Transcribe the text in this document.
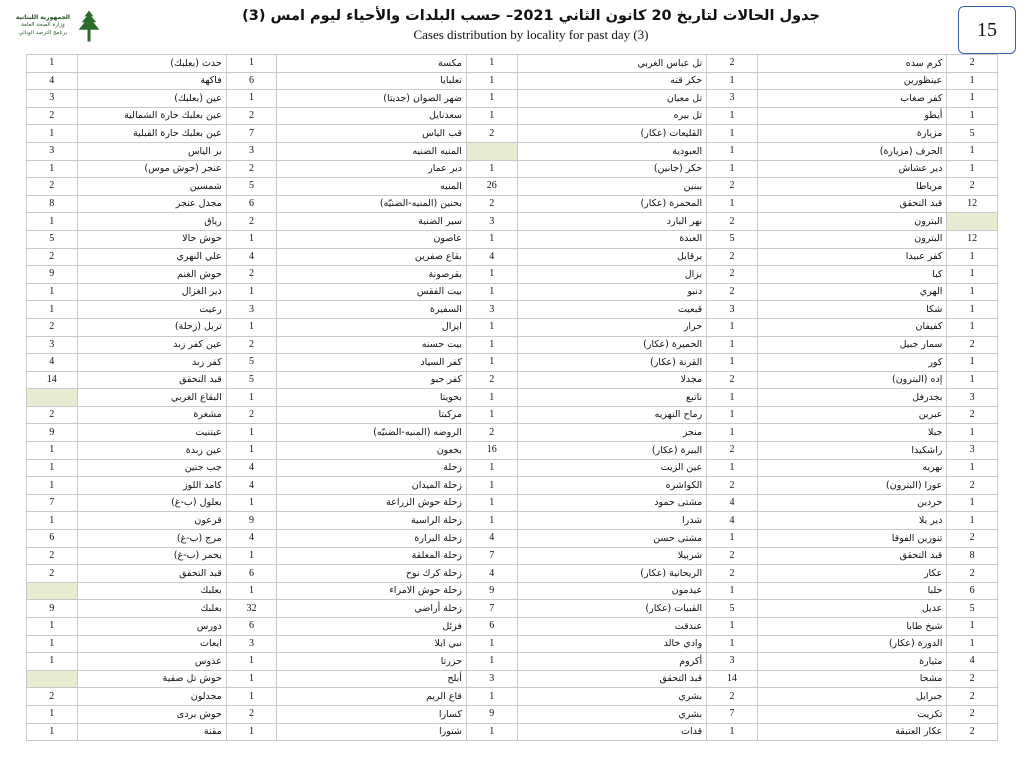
الجمهورية اللبنانية
وزارة الصحة العامة
برنامج الترصد الوبائي
جدول الحالات لتاريخ 20 كانون الثاني 2021– حسب البلدات والأحياء ليوم امس (3)
Cases distribution by locality for past day (3)	15
1	حدث (بعلبك)	1	مكسة	1	تل عباس الغربي	2	كرم سده	2
4	فاكهة	6	تعلبايا	1	حكر قته	1	عينظورين	1
3	عين (بعلبك)	1	ضهر الصوان (جديتا)	1	تل معيان	3	كفر صغاب	1
2	عين بعلبك حارة الشمالية	2	سعدنايل	1	تل بيره	1	أيطو	1
1	عين بعلبك حارة القبلية	7	قب الياس	2	القليعات (عكار)	1	مزيارة	5
3	بر الياس	3	المنيه الضنيه		العبودية	1	الحرف (مزيارة)	1
1	عنجر (حوش موس)	2	دير عمار	1	حكر (جانين)	1	دير عشاش	1
2	شمسين	5	المنيه	26	ببنين	2	مرياطا	2
8	مجدل عنجر	6	بحنين (المنيه-الضنيّه)	2	المحمرة (عكار)	1	قبد التحقق	12
1	رياق	2	سير الضنية	3	نهر البارد	2	البترون	
5	حوش حالا	1	عاصون	1	العبدة	5	البترون	12
2	علي النهري	4	بقاع صفرين	4	برقايل	2	كفر عبيدا	1
9	حوش الغنم	2	بقرصونة	1	بزال	2	كبا	1
1	دير الغزال	1	بيت الفقس	1	دنبو	2	الهري	1
1	رعيت	3	السفيرة	3	قبعيت	3	شكا	1
2	تربل (زحلة)	1	ايزال	1	حرار	1	كفيفان	1
3	عين كفر زبد	2	بيت حسنه	1	الحميرة (عكار)	1	سمار جبيل	2
4	كفر زبد	5	كفر السياد	1	القرنة (عكار)	1	كور	1
14	قبد التحقق	5	كفر حبو	2	مجدلا	2	إده (البترون)	1
	البقاع الغربي	1	بحويتا	1	ناتبع	1	بجدرفل	3
2	مشغرة	2	مركبتا	1	رماح النهريه	1	عبرين	2
9	عيتنيت	1	الروضه (المنيه-الضنيّه)	2	منجز	1	جبلا	1
1	عين زبدة	1	بخعون	16	البيرة (عكار)	2	راشكيدا	3
1	جب جنين	4	زحلة	1	عين الزيت	1	نهريه	1
1	كامد اللوز	4	زحلة الميدان	1	الكواشره	2	عورا (البترون)	2
7	بعلول (ب-غ)	1	زحلة حوش الزراعة	1	مشتى حمود	4	حردين	1
1	قرعون	9	زحلة الراسية	1	شدرا	4	دير بلا	1
6	مرج (ب-غ)	4	زحلة البرارة	4	مشتى حسن	1	تنورين الفوقا	2
2	يحمر (ب-غ)	1	زحلة المعلقة	7	شربيلا	2	قبد التحقق	8
2	قبد التحقق	6	زحلة كرك نوح	4	الريحانية (عكار)	2	عكار	2
	بعلبك	1	زحلة حوش الامراء	9	عيدمون	1	حلبا	6
9	بعلبك	32	زحلة أراضي	7	القبيات (عكار)	5	عديل	5
1	دورس	6	فزئل	6	عندقت	1	شيخ طابا	1
1	ايعات	3	نبي ايلا	1	وادي خالد	1	الدورة (عكار)	1
1	عذوس	1	حزرتا	1	أكروم	3	مثيارة	4
	حوش تل صفية	1	أبلح	3	قبد التحقق	14	مشحا	2
2	مجدلون	1	قاع الريم	1	بشري	2	جبرايل	2
1	حوش بردى	2	كسارا	9	بشري	7	تكريت	2
1	مقنة	1	شتورا	1	قدات	1	عكار العتيقة	2
